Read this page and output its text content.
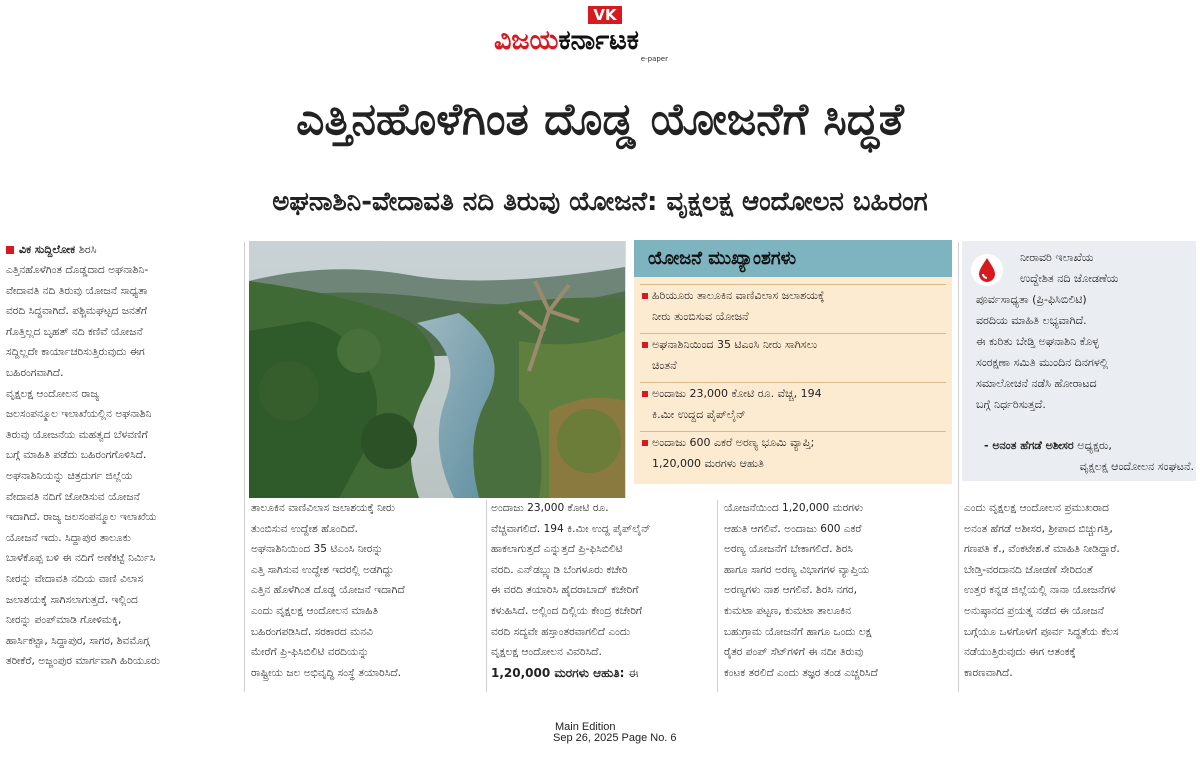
VK
ವಿಜಯಕರ್ನಾಟಕ
e-paper
ಎತ್ತಿನಹೊಳೆಗಿಂತ ದೊಡ್ಡ ಯೋಜನೆಗೆ ಸಿದ್ಧತೆ
ಅಘನಾಶಿನಿ-ವೇದಾವತಿ ನದಿ ತಿರುವು ಯೋಜನೆ: ವೃಕ್ಷಲಕ್ಷ ಆಂದೋಲನ ಬಹಿರಂಗ
ವಿಕ ಸುದ್ದಿಲೋಕ ಶಿರಸಿ
ಎತ್ತಿನಹೊಳೆಗಿಂತ ದೊಡ್ಡದಾದ ಅಘನಾಶಿನಿ-
ವೇದಾವತಿ ನದಿ ತಿರುವು ಯೋಜನೆ ಸಾಧ್ಯತಾ
ವರದಿ ಸಿದ್ಧವಾಗಿದೆ. ಪಶ್ಚಿಮಘಟ್ಟದ ಜನತೆಗೆ
ಗೊತ್ತಿಲ್ಲದ ಬೃಹತ್ ನದಿ ಕಣಿವೆ ಯೋಜನೆ
ಸದ್ದಿಲ್ಲದೇ ಕಾರ್ಯಾಚರಿಸುತ್ತಿರುವುದು ಈಗ
ಬಹಿರಂಗವಾಗಿದೆ.
ವೃಕ್ಷಲಕ್ಷ ಆಂದೋಲನ ರಾಜ್ಯ
ಜಲಸಂಪನ್ಮೂಲ ಇಲಾಖೆಯಲ್ಲಿನ ಅಘನಾಶಿನಿ
ತಿರುವು ಯೋಜನೆಯ ಮಹತ್ವದ ಬೆಳವಣಿಗೆ
ಬಗ್ಗೆ ಮಾಹಿತಿ ಪಡೆದು ಬಹಿರಂಗಗೊಳಿಸಿದೆ.
ಅಘನಾಶಿನಿಯನ್ನು ಚಿತ್ರದುರ್ಗ ಜಿಲ್ಲೆಯ
ವೇದಾವತಿ ನದಿಗೆ ಜೋಡಿಸುವ ಯೋಜನೆ
ಇದಾಗಿದೆ. ರಾಜ್ಯ ಜಲಸಂಪನ್ಮೂಲ ಇಲಾಖೆಯ
ಯೋಜನೆ ಇದು. ಸಿದ್ದಾಪುರ ತಾಲೂಕು
ಬಾಳೆಕೊಪ್ಪ ಬಳಿ ಈ ನದಿಗೆ ಅಣೆಕಟ್ಟೆ ನಿರ್ಮಿಸಿ
ನೀರನ್ನು ವೇದಾವತಿ ನದಿಯ ವಾಣಿ ವಿಲಾಸ
ಜಲಾಶಯಕ್ಕೆ ಸಾಗಿಸಲಾಗುತ್ತದೆ. ಇಲ್ಲಿಂದ
ನೀರನ್ನು ಪಂಪ್‌ಮಾಡಿ ಗೋಳಿಮಕ್ಕಿ,
ಹಾರ್ಸಿಕಟ್ಟಾ, ಸಿದ್ದಾಪುರ, ಸಾಗರ, ಶಿವಮೊಗ್ಗ
ತರೀಕೆರೆ, ಅಜ್ಜಂಪುರ ಮಾರ್ಗವಾಗಿ ಹಿರಿಯೂರು
ಯೋಜನೆ ಮುಖ್ಯಾಂಶಗಳು
ಹಿರಿಯೂರು ತಾಲೂಕಿನ ವಾಣಿವಿಲಾಸ ಜಲಾಶಯಕ್ಕೆ
ನೀರು ತುಂಬಿಸುವ ಯೋಜನೆ
ಅಘನಾಶಿನಿಯಿಂದ 35 ಟಿಎಂಸಿ ನೀರು ಸಾಗಿಸಲು
ಚಿಂತನೆ
ಅಂದಾಜು 23,000 ಕೋಟಿ ರೂ. ವೆಚ್ಚ, 194
ಕಿ.ಮೀ ಉದ್ದದ ಪೈಪ್‌ಲೈನ್
ಅಂದಾಜು 600 ಎಕರೆ ಅರಣ್ಯ ಭೂಮಿ ವ್ಯಾಪ್ತಿ;
1,20,000 ಮರಗಳು ಆಹುತಿ
ನೀರಾವರಿ ಇಲಾಖೆಯ
ಉದ್ದೇಶಿತ ನದಿ ಜೋಡಣೆಯ
ಪೂರ್ವಸಾಧ್ಯತಾ (ಪ್ರಿ-ಫಿಸಿಬಿಲಿಟಿ)
ವರದಿಯ ಮಾಹಿತಿ ಲಭ್ಯವಾಗಿದೆ.
ಈ ಕುರಿತು ಬೇಡ್ತಿ ಅಘನಾಶಿನಿ ಕೊಳ್ಳ
ಸಂರಕ್ಷಣಾ ಸಮಿತಿ ಮುಂದಿನ ದಿನಗಳಲ್ಲಿ
ಸಮಾಲೋಚನೆ ನಡೆಸಿ ಹೋರಾಟದ
ಬಗ್ಗೆ ನಿರ್ಧರಿಸುತ್ತದೆ.
- ಅನಂತ ಹೆಗಡೆ ಅಶೀಸರ ಅಧ್ಯಕ್ಷರು,
ವೃಕ್ಷಲಕ್ಷ ಆಂದೋಲನ ಸಂಘಟನೆ.
ತಾಲೂಕಿನ ವಾಣಿವಿಲಾಸ ಜಲಾಶಯಕ್ಕೆ ನೀರು
ತುಂಬಿಸುವ ಉದ್ದೇಶ ಹೊಂದಿದೆ.
ಅಘನಾಶಿನಿಯಿಂದ 35 ಟಿಎಂಸಿ ನೀರನ್ನು
ಎತ್ತಿ ಸಾಗಿಸುವ ಉದ್ದೇಶ ಇದರಲ್ಲಿ ಅಡಗಿದ್ದು
ಎತ್ತಿನ ಹೊಳೆಗಿಂತ ದೊಡ್ಡ ಯೋಜನೆ ಇದಾಗಿದೆ
ಎಂದು ವೃಕ್ಷಲಕ್ಷ ಆಂದೋಲನ ಮಾಹಿತಿ
ಬಹಿರಂಗಪಡಿಸಿದೆ. ಸರಕಾರದ ಮನವಿ
ಮೇರೆಗೆ ಪ್ರಿ-ಫಿಸಿಬಿಲಿಟಿ ವರದಿಯನ್ನು
ರಾಷ್ಟ್ರೀಯ ಜಲ ಅಭಿವೃದ್ಧಿ ಸಂಸ್ಥೆ ತಯಾರಿಸಿದೆ.
ಅಂದಾಜು 23,000 ಕೋಟಿ ರೂ.
ವೆಚ್ಚವಾಗಲಿದೆ. 194 ಕಿ.ಮೀ ಉದ್ದ ಪೈಪ್‌ಲೈನ್
ಹಾಕಲಾಗುತ್ತದೆ ಎನ್ನುತ್ತದೆ ಪ್ರಿ-ಫಿಸಿಬಿಲಿಟಿ
ವರದಿ. ಎನ್‌ಡಬ್ಲ್ಯುಡಿ ಬೆಂಗಳೂರು ಕಚೇರಿ
ಈ ವರದಿ ತಯಾರಿಸಿ ಹೈದರಾಬಾದ್ ಕಚೇರಿಗೆ
ಕಳುಹಿಸಿದೆ. ಅಲ್ಲಿಂದ ದಿಲ್ಲಿಯ ಕೇಂದ್ರ ಕಚೇರಿಗೆ
ವರದಿ ಸದ್ಯವೇ ಹಸ್ತಾಂತರವಾಗಲಿದೆ ಎಂದು
ವೃಕ್ಷಲಕ್ಷ ಆಂದೋಲನ ವಿವರಿಸಿದೆ.
1,20,000 ಮರಗಳು ಆಹುತಿ: ಈ
ಯೋಜನೆಯಿಂದ 1,20,000 ಮರಗಳು
ಆಹುತಿ ಆಗಲಿವೆ. ಅಂದಾಜು 600 ಎಕರೆ
ಅರಣ್ಯ ಯೋಜನೆಗೆ ಬೇಕಾಗಲಿದೆ. ಶಿರಸಿ
ಹಾಗೂ ಸಾಗರ ಅರಣ್ಯ ವಿಭಾಗಗಳ ವ್ಯಾಪ್ತಿಯ
ಅರಣ್ಯಗಳು ನಾಶ ಆಗಲಿವೆ. ಶಿರಸಿ ನಗರ,
ಕುಮಟಾ ಪಟ್ಟಣ, ಕುಮಟಾ ತಾಲೂಕಿನ
ಬಹುಗ್ರಾಮ ಯೋಜನೆಗೆ ಹಾಗೂ ಒಂದು ಲಕ್ಷ
ರೈತರ ಪಂಪ್ ಸೆಟ್‌ಗಳಿಗೆ ಈ ನದೀ ತಿರುವು
ಕಂಟಕ ತರಲಿದೆ ಎಂದು ತಜ್ಞರ ತಂಡ ಎಚ್ಚರಿಸಿದೆ
ಎಂದು ವೃಕ್ಷಲಕ್ಷ ಆಂದೋಲನ ಪ್ರಮುಖರಾದ
ಅನಂತ ಹೆಗಡೆ ಅಶೀಸರ, ಶ್ರೀಪಾದ ಬಿಚ್ಚುಗತ್ತಿ,
ಗಣಪತಿ ಕೆ., ವೆಂಕಟೇಶ.ಕೆ ಮಾಹಿತಿ ನೀಡಿದ್ದಾರೆ.
ಬೇಡ್ತಿ-ವರದಾನದಿ ಜೋಡಣೆ ಸೇರಿದಂತೆ
ಉತ್ತರ ಕನ್ನಡ ಜಿಲ್ಲೆಯಲ್ಲಿ ನಾನಾ ಯೋಜನೆಗಳ
ಅನುಷ್ಠಾನದ ಪ್ರಯತ್ನ ನಡೆದ ಈ ಯೋಜನೆ
ಬಗ್ಗೆಯೂ ಒಳಗೊಳಗೆ ಪೂರ್ವ ಸಿದ್ಧತೆಯ ಕೆಲಸ
ನಡೆಯುತ್ತಿರುವುದು ಈಗ ಆತಂಕಕ್ಕೆ
ಕಾರಣವಾಗಿದೆ.
Main Edition
Sep 26, 2025 Page No. 6
